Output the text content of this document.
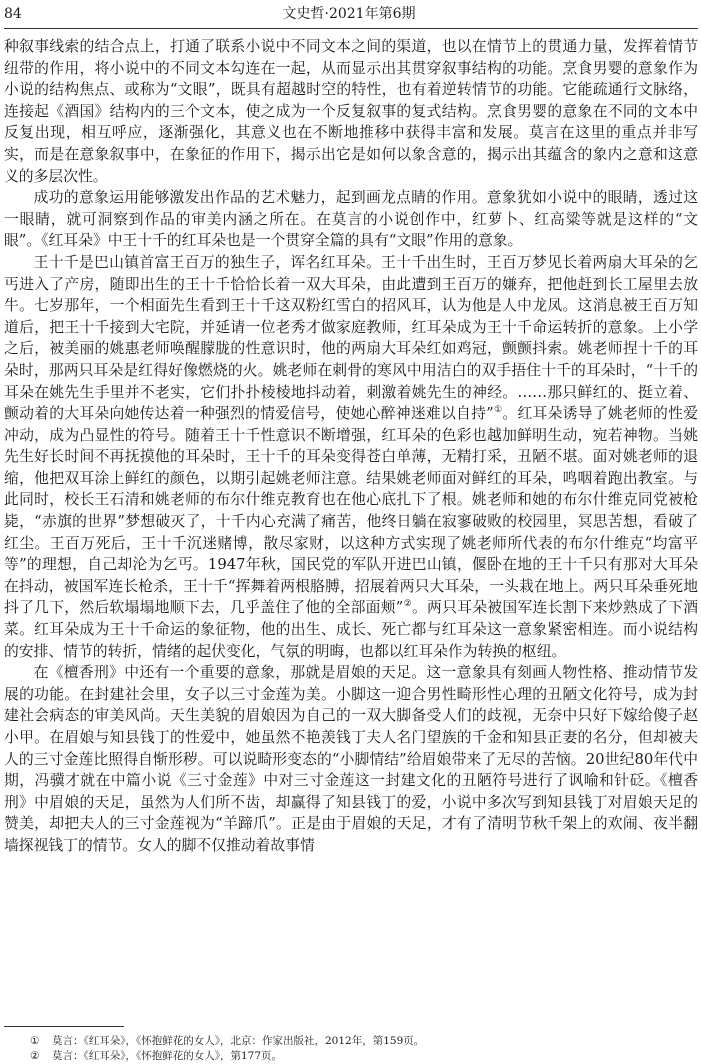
84	文史哲·2021年第6期

种叙事线索的结合点上，打通了联系小说中不同文本之间的渠道，也以在情节上的贯通力量，发挥着情节纽带的作用，将小说中的不同文本勾连在一起，从而显示出其贯穿叙事结构的功能。烹食男婴的意象作为小说的结构焦点、或称为“文眼”，既具有超越时空的特性，也有着逆转情节的功能。它能疏通行文脉络，连接起《酒国》结构内的三个文本，使之成为一个反复叙事的复式结构。烹食男婴的意象在不同的文本中反复出现，相互呼应，逐渐强化，其意义也在不断地推移中获得丰富和发展。莫言在这里的重点并非写实，而是在意象叙事中，在象征的作用下，揭示出它是如何以象含意的，揭示出其蕴含的象内之意和这意义的多层次性。

成功的意象运用能够激发出作品的艺术魅力，起到画龙点睛的作用。意象犹如小说中的眼睛，透过这一眼睛，就可洞察到作品的审美内涵之所在。在莫言的小说创作中，红萝卜、红高粱等就是这样的“文眼”。《红耳朵》中王十千的红耳朵也是一个贯穿全篇的具有“文眼”作用的意象。

王十千是巴山镇首富王百万的独生子，诨名红耳朵。王十千出生时，王百万梦见长着两扇大耳朵的乞丐进入了产房，随即出生的王十千恰恰长着一双大耳朵，由此遭到王百万的嫌弃，把他赶到长工屋里去放牛。七岁那年，一个相面先生看到王十千这双粉红雪白的招风耳，认为他是人中龙凤。这消息被王百万知道后，把王十千接到大宅院，并延请一位老秀才做家庭教师，红耳朵成为王十千命运转折的意象。上小学之后，被美丽的姚惠老师唤醒朦胧的性意识时，他的两扇大耳朵红如鸡冠，颤颤抖索。姚老师捏十千的耳朵时，那两只耳朵是红得好像燃烧的火。姚老师在刺骨的寒风中用洁白的双手捂住十千的耳朵时，“十千的耳朵在姚先生手里并不老实，它们扑扑棱棱地抖动着，刺激着姚先生的神经。……那只鲜红的、挺立着、颤动着的大耳朵向她传达着一种强烈的情爱信号，使她心醉神迷难以自持”①。红耳朵诱导了姚老师的性爱冲动，成为凸显性的符号。随着王十千性意识不断增强，红耳朵的色彩也越加鲜明生动，宛若神物。当姚先生好长时间不再抚摸他的耳朵时，王十千的耳朵变得苍白单薄，无精打采，丑陋不堪。面对姚老师的退缩，他把双耳涂上鲜红的颜色，以期引起姚老师注意。结果姚老师面对鲜红的耳朵，鸣咽着跑出教室。与此同时，校长王石清和姚老师的布尔什维克教育也在他心底扎下了根。姚老师和她的布尔什维克同党被枪毙，“赤旗的世界”梦想破灭了，十千内心充满了痛苦，他终日躺在寂寥破败的校园里，冥思苦想，看破了红尘。王百万死后，王十千沉迷赌博，散尽家财，以这种方式实现了姚老师所代表的布尔什维克“均富平等”的理想，自己却沦为乞丐。1947年秋，国民党的军队开进巴山镇，偃卧在地的王十千只有那对大耳朵在抖动，被国军连长枪杀，王十千“挥舞着两根胳膊，招展着两只大耳朵，一头栽在地上。两只耳朵垂死地抖了几下，然后软塌塌地顺下去，几乎盖住了他的全部面颊”②。两只耳朵被国军连长割下来炒熟成了下酒菜。红耳朵成为王十千命运的象征物，他的出生、成长、死亡都与红耳朵这一意象紧密相连。而小说结构的安排、情节的转折，情绪的起伏变化，气氛的明晦，也都以红耳朵作为转换的枢纽。

在《檀香刑》中还有一个重要的意象，那就是眉娘的天足。这一意象具有刻画人物性格、推动情节发展的功能。在封建社会里，女子以三寸金莲为美。小脚这一迎合男性畸形性心理的丑陋文化符号，成为封建社会病态的审美风尚。天生美貌的眉娘因为自己的一双大脚备受人们的歧视，无奈中只好下嫁给傻子赵小甲。在眉娘与知县钱丁的性爱中，她虽然不艳羡钱丁夫人名门望族的千金和知县正妻的名分，但却被夫人的三寸金莲比照得自惭形秽。可以说畸形变态的“小脚情结”给眉娘带来了无尽的苦恼。20世纪80年代中期，冯骥才就在中篇小说《三寸金莲》中对三寸金莲这一封建文化的丑陋符号进行了讽喻和针砭。《檀香刑》中眉娘的天足，虽然为人们所不齿，却赢得了知县钱丁的爱，小说中多次写到知县钱丁对眉娘天足的赞美，却把夫人的三寸金莲视为“羊蹄爪”。正是由于眉娘的天足，才有了清明节秋千架上的欢闹、夜半翻墙探视钱丁的情节。女人的脚不仅推动着故事情

① 莫言：《红耳朵》，《怀抱鲜花的女人》，北京：作家出版社，2012年，第159页。
② 莫言：《红耳朵》，《怀抱鲜花的女人》，第177页。
